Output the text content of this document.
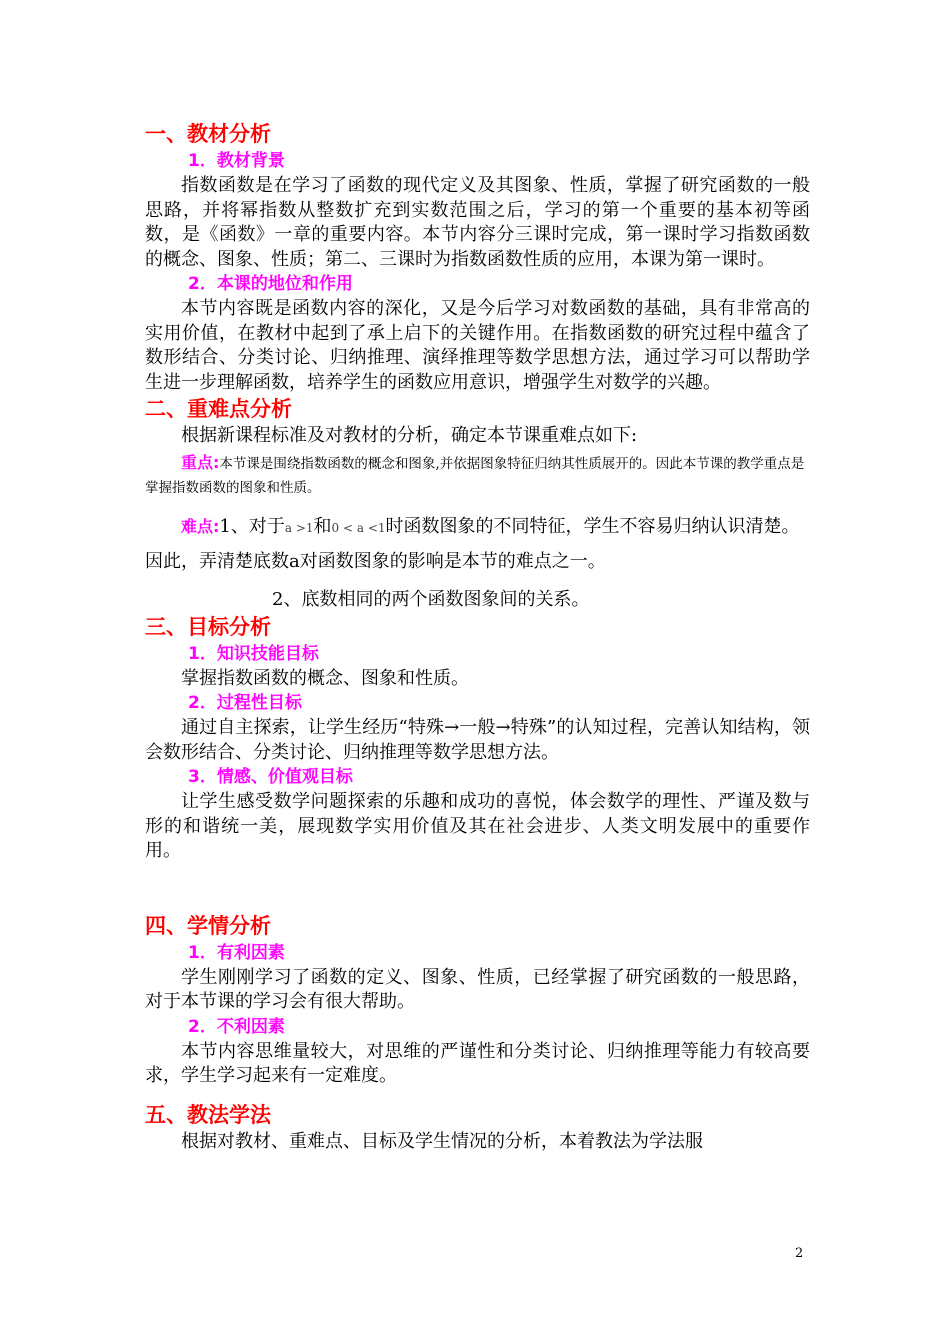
一、教材分析
1．教材背景

指数函数是在学习了函数的现代定义及其图象、性质，掌握了研究函数的一般思路，并将幂指数从整数扩充到实数范围之后，学习的第一个重要的基本初等函数，是《函数》一章的重要内容。本节内容分三课时完成，第一课时学习指数函数的概念、图象、性质；第二、三课时为指数函数性质的应用，本课为第一课时。

2．本课的地位和作用

本节内容既是函数内容的深化，又是今后学习对数函数的基础，具有非常高的实用价值，在教材中起到了承上启下的关键作用。在指数函数的研究过程中蕴含了数形结合、分类讨论、归纳推理、演绎推理等数学思想方法，通过学习可以帮助学生进一步理解函数，培养学生的函数应用意识，增强学生对数学的兴趣。

二、重难点分析

根据新课程标准及对教材的分析，确定本节课重难点如下:

重点:本节课是围绕指数函数的概念和图象,并依据图象特征归纳其性质展开的。因此本节课的教学重点是掌握指数函数的图象和性质。

难点:1、对于a >1和0 < a <1时函数图象的不同特征，学生不容易归纳认识清楚。因此，弄清楚底数a对函数图象的影响是本节的难点之一。

2、底数相同的两个函数图象间的关系。

三、目标分析
1．知识技能目标

掌握指数函数的概念、图象和性质。

2．过程性目标

通过自主探索，让学生经历“特殊→一般→特殊”的认知过程，完善认知结构，领会数形结合、分类讨论、归纳推理等数学思想方法。

3．情感、价值观目标

让学生感受数学问题探索的乐趣和成功的喜悦，体会数学的理性、严谨及数与形的和谐统一美，展现数学实用价值及其在社会进步、人类文明发展中的重要作用。

四、学情分析
1．有利因素

学生刚刚学习了函数的定义、图象、性质，已经掌握了研究函数的一般思路，对于本节课的学习会有很大帮助。

2．不利因素

本节内容思维量较大，对思维的严谨性和分类讨论、归纳推理等能力有较高要求，学生学习起来有一定难度。

五、教法学法

根据对教材、重难点、目标及学生情况的分析，本着教法为学法服

2
